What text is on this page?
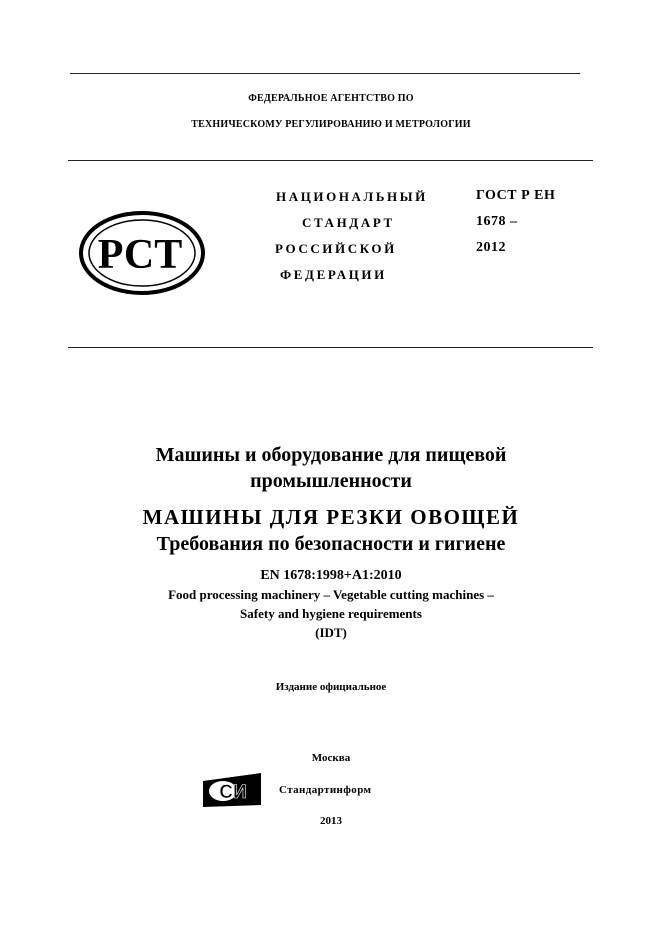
ФЕДЕРАЛЬНОЕ АГЕНТСТВО ПО
ТЕХНИЧЕСКОМУ РЕГУЛИРОВАНИЮ И МЕТРОЛОГИИ
РСТ
НАЦИОНАЛЬНЫЙ
СТАНДАРТ
РОССИЙСКОЙ
ФЕДЕРАЦИИ
ГОСТ Р ЕН
1678 –
2012
Машины и оборудование для пищевой
промышленности
МАШИНЫ ДЛЯ РЕЗКИ ОВОЩЕЙ
Требования по безопасности и гигиене
EN 1678:1998+A1:2010
Food processing machinery – Vegetable cutting machines –
Safety and hygiene requirements
(IDT)
Издание официальное
Москва
СИ	Стандартинформ
2013
